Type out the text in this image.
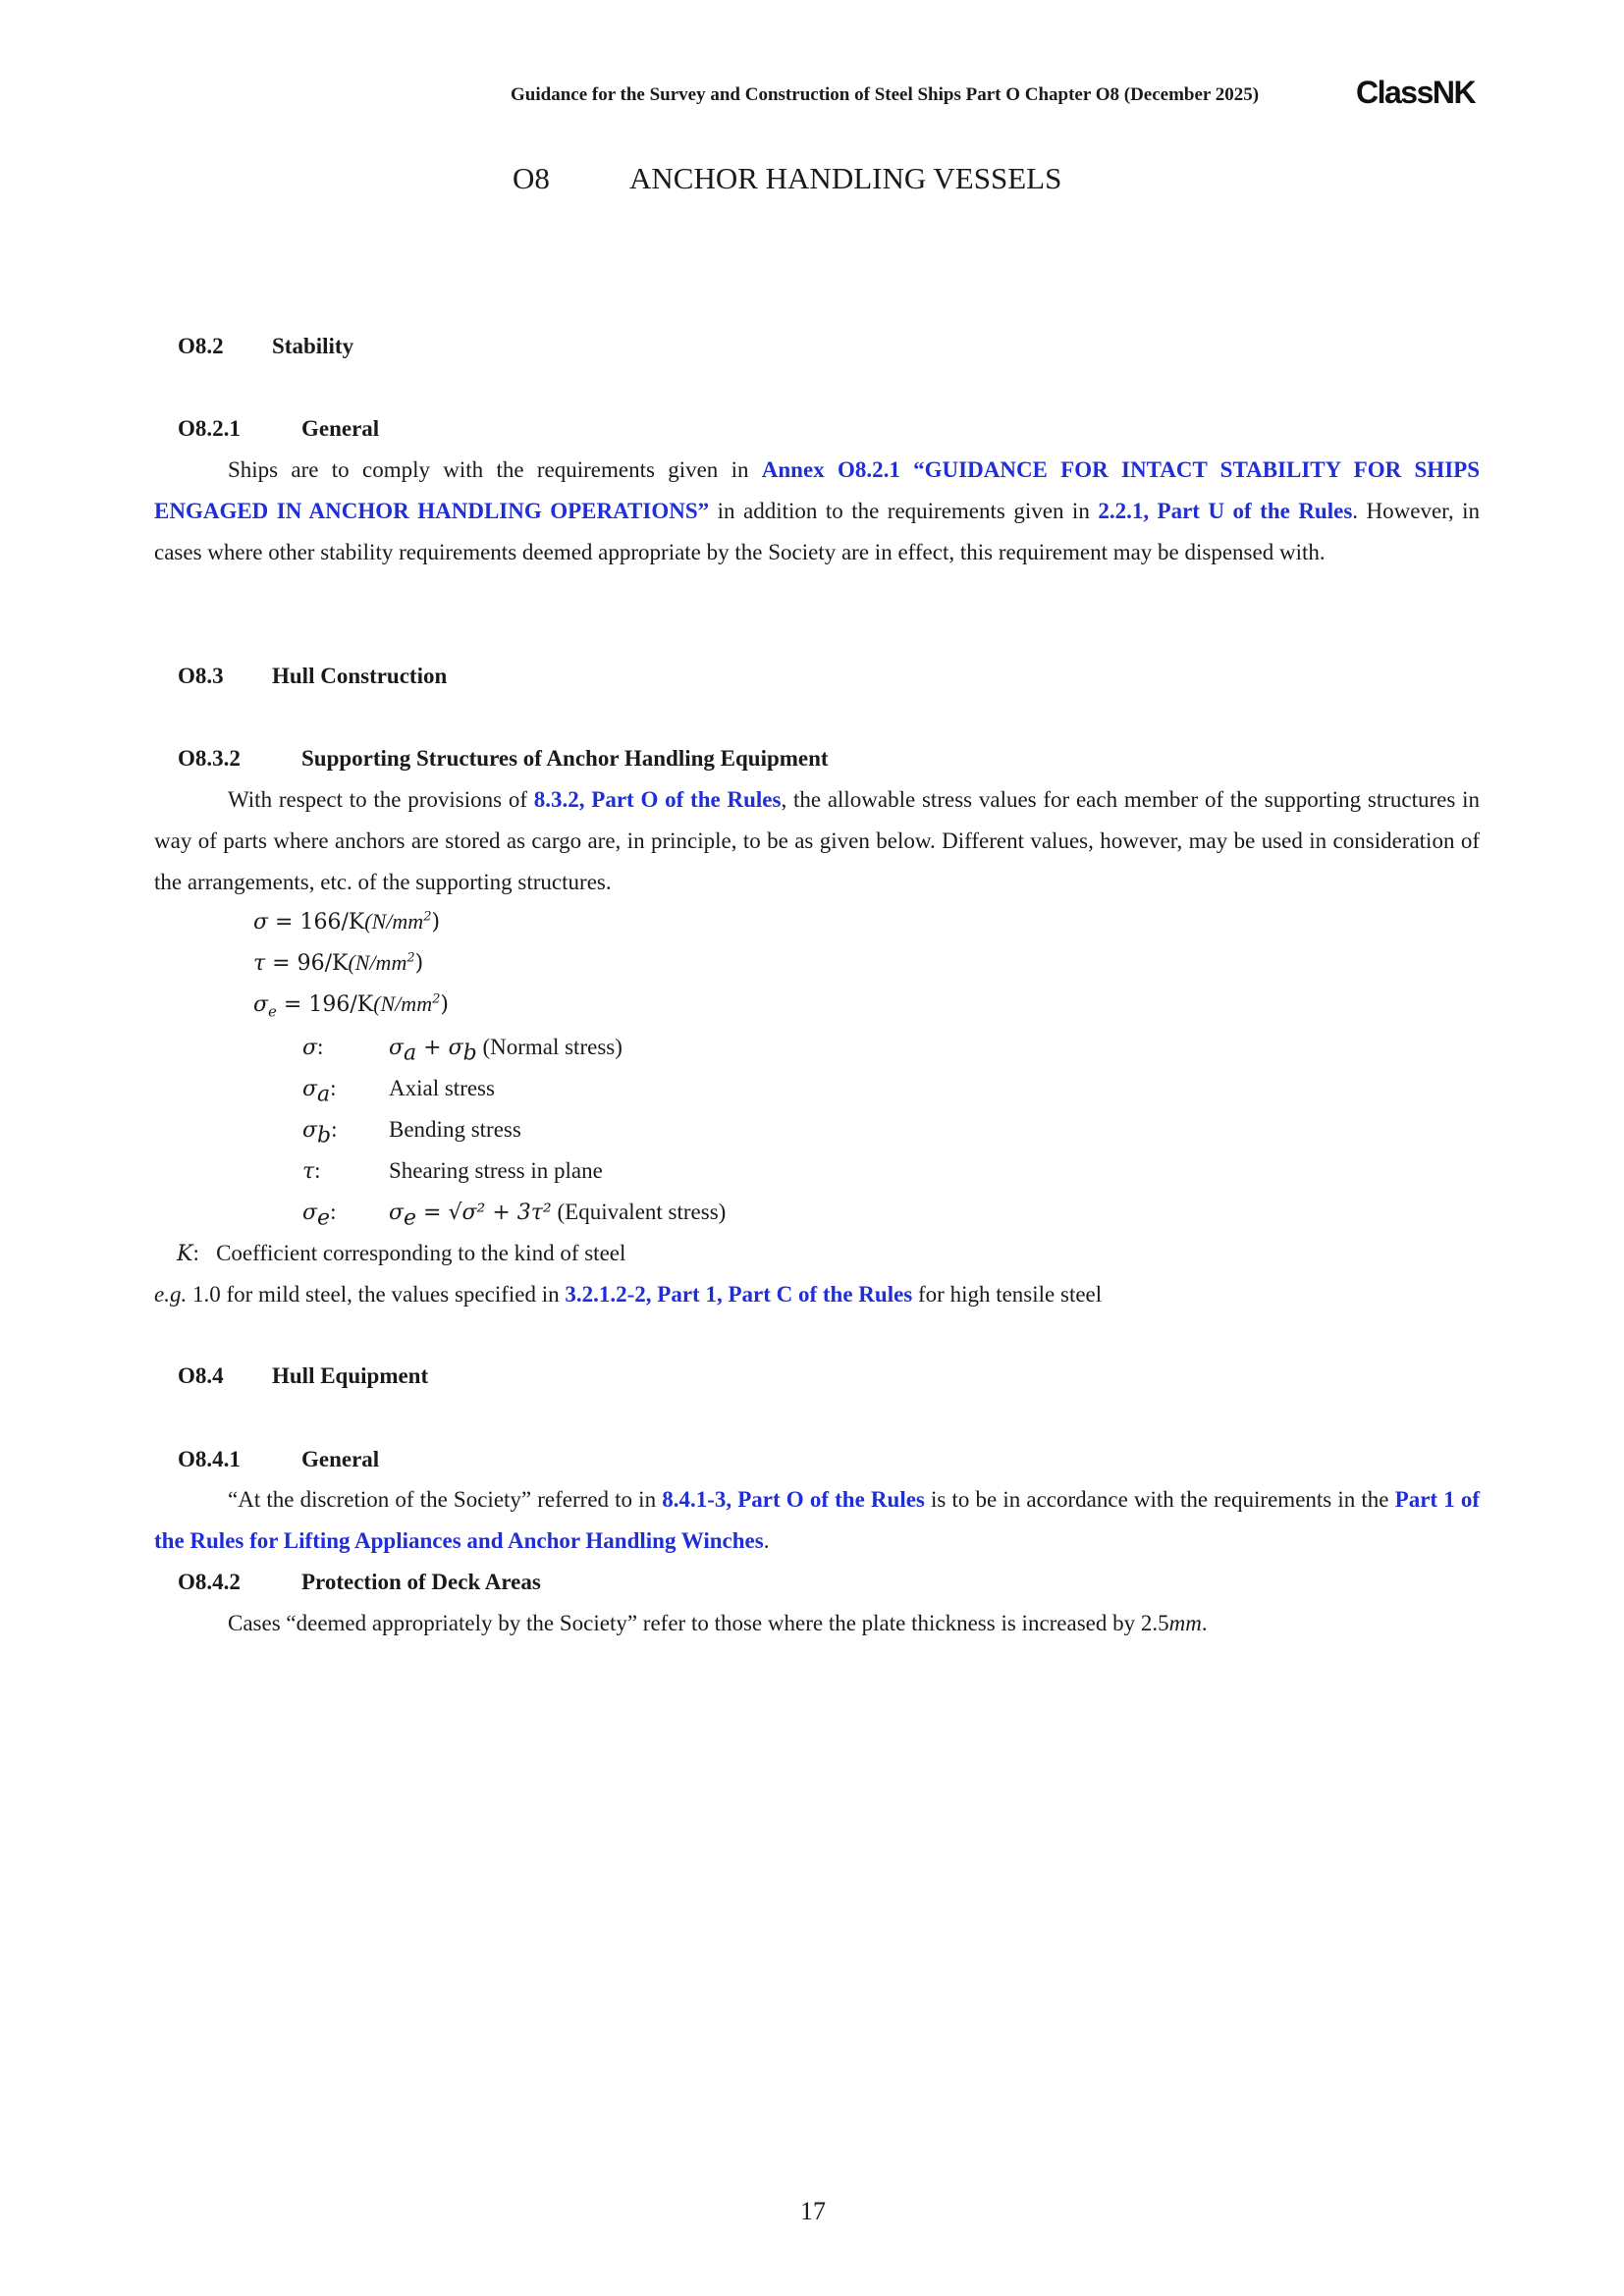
Guidance for the Survey and Construction of Steel Ships Part O Chapter O8 (December 2025)	ClassNK
O8	ANCHOR HANDLING VESSELS
O8.2 Stability
O8.2.1	General
Ships are to comply with the requirements given in Annex O8.2.1 “GUIDANCE FOR INTACT STABILITY FOR SHIPS ENGAGED IN ANCHOR HANDLING OPERATIONS” in addition to the requirements given in 2.2.1, Part U of the Rules. However, in cases where other stability requirements deemed appropriate by the Society are in effect, this requirement may be dispensed with.
O8.3 Hull Construction
O8.3.2	Supporting Structures of Anchor Handling Equipment
With respect to the provisions of 8.3.2, Part O of the Rules, the allowable stress values for each member of the supporting structures in way of parts where anchors are stored as cargo are, in principle, to be as given below. Different values, however, may be used in consideration of the arrangements, etc. of the supporting structures.
$\sigma = 166/K(N/mm^2)$
$\tau = 96/K(N/mm^2)$
$\sigma_e = 196/K(N/mm^2)$
σ:	$\sigma_a + \sigma_b$ (Normal stress)
$\sigma_a$: Axial stress
$\sigma_b$: Bending stress
τ:	Shearing stress in plane
$\sigma_e$: $\sigma_e = √\sigma^2 + 3\tau^2$ (Equivalent stress)
K:   Coefficient corresponding to the kind of steel
e.g. 1.0 for mild steel, the values specified in 3.2.1.2-2, Part 1, Part C of the Rules for high tensile steel
O8.4 Hull Equipment
O8.4.1	General
“At the discretion of the Society” referred to in 8.4.1-3, Part O of the Rules is to be in accordance with the requirements in the Part 1 of the Rules for Lifting Appliances and Anchor Handling Winches.
O8.4.2	Protection of Deck Areas
Cases “deemed appropriately by the Society” refer to those where the plate thickness is increased by 2.5mm.
17
